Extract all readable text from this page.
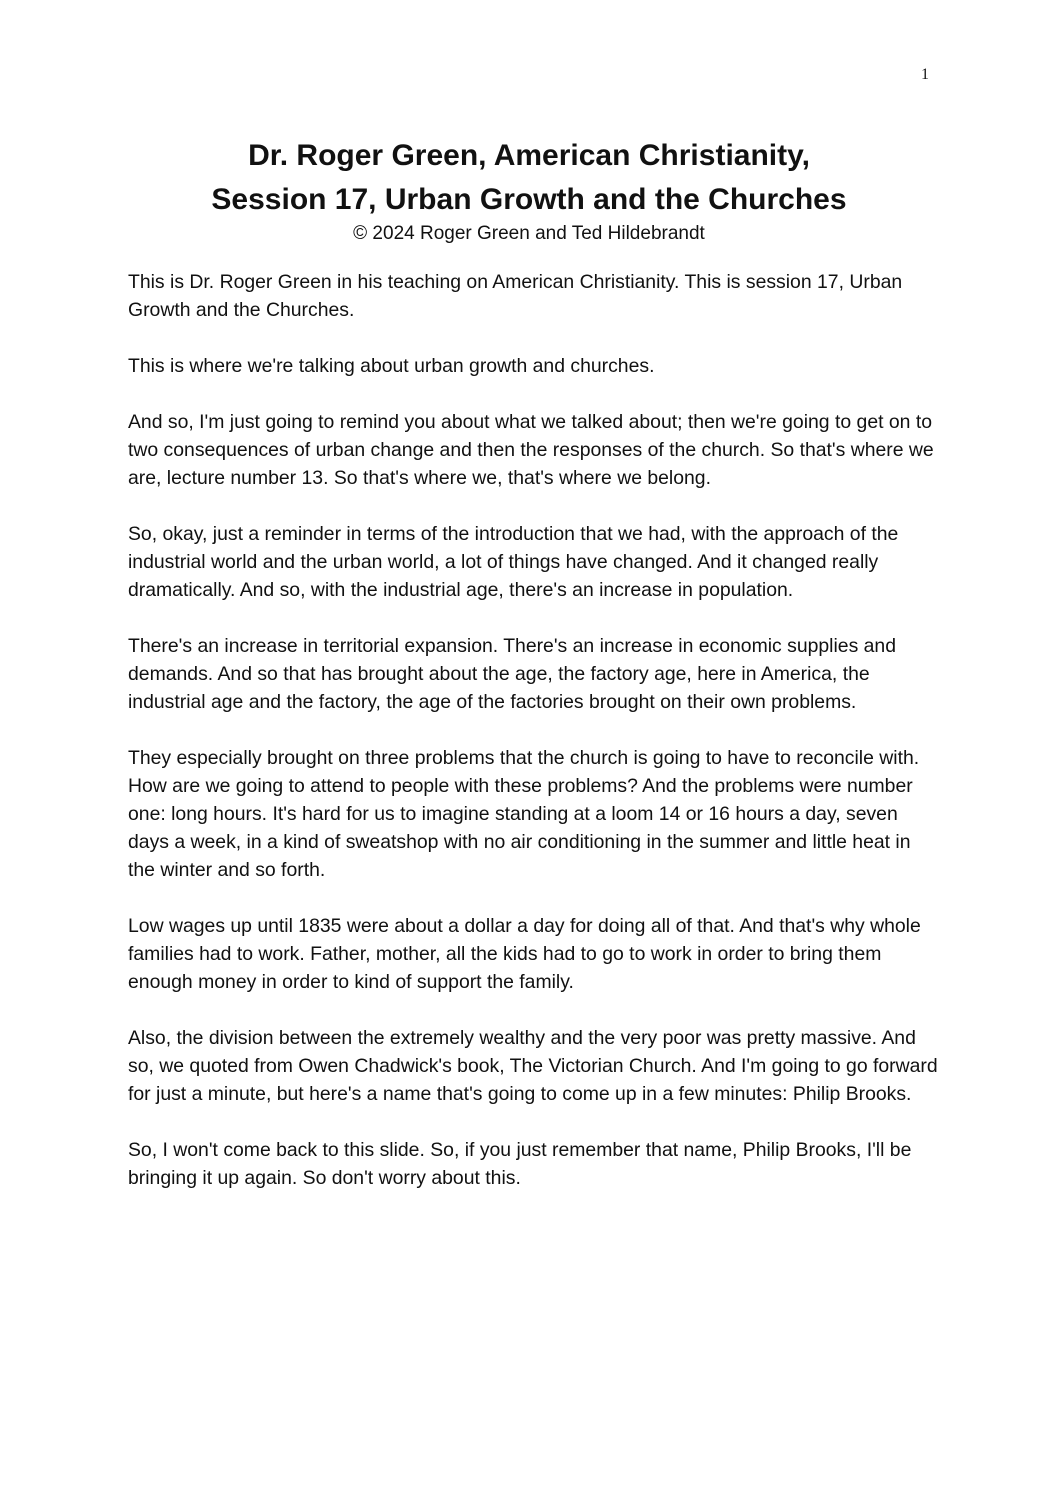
1
Dr. Roger Green, American Christianity,
Session 17, Urban Growth and the Churches

© 2024 Roger Green and Ted Hildebrandt

This is Dr. Roger Green in his teaching on American Christianity. This is session 17, Urban Growth and the Churches.

This is where we're talking about urban growth and churches.

And so, I'm just going to remind you about what we talked about; then we're going to get on to two consequences of urban change and then the responses of the church. So that's where we are, lecture number 13. So that's where we, that's where we belong.

So, okay, just a reminder in terms of the introduction that we had, with the approach of the industrial world and the urban world, a lot of things have changed. And it changed really dramatically. And so, with the industrial age, there's an increase in population.

There's an increase in territorial expansion. There's an increase in economic supplies and demands. And so that has brought about the age, the factory age, here in America, the industrial age and the factory, the age of the factories brought on their own problems.

They especially brought on three problems that the church is going to have to reconcile with. How are we going to attend to people with these problems? And the problems were number one: long hours. It's hard for us to imagine standing at a loom 14 or 16 hours a day, seven days a week, in a kind of sweatshop with no air conditioning in the summer and little heat in the winter and so forth.

Low wages up until 1835 were about a dollar a day for doing all of that. And that's why whole families had to work. Father, mother, all the kids had to go to work in order to bring them enough money in order to kind of support the family.

Also, the division between the extremely wealthy and the very poor was pretty massive. And so, we quoted from Owen Chadwick's book, The Victorian Church. And I'm going to go forward for just a minute, but here's a name that's going to come up in a few minutes: Philip Brooks.

So, I won't come back to this slide. So, if you just remember that name, Philip Brooks, I'll be bringing it up again. So don't worry about this.
